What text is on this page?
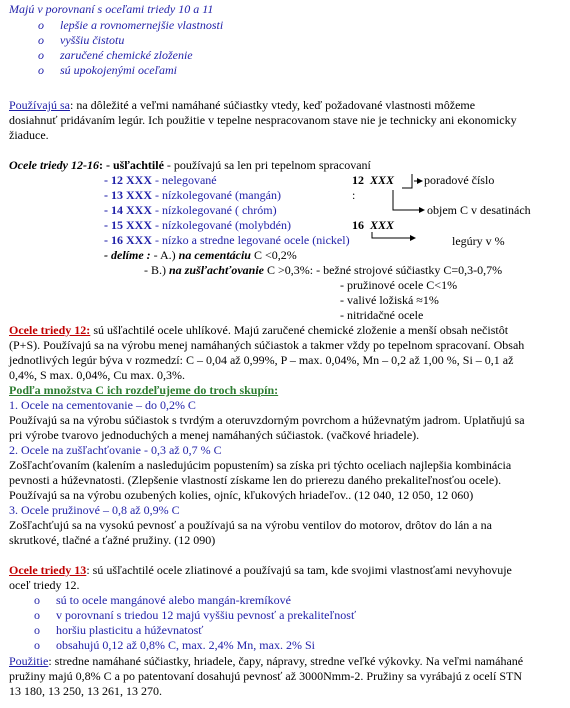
Majú v porovnaní s oceľami triedy 10 a 11
o lepšie a rovnomernejšie vlastnosti
o vyššiu čistotu
o zaručené chemické zloženie
o sú upokojenými oceľami
Používajú sa: na dôležité a veľmi namáhané súčiastky vtedy, keď požadované vlastnosti môžeme
dosiahnuť pridávaním legúr. Ich použitie v tepelne nespracovanom stave nie je technicky ani ekonomicky
žiaduce.
Ocele triedy 12-16: - ušľachtilé - používajú sa len pri tepelnom spracovaní
- 12 XXX - nelegované
- 13 XXX - nízkolegované (mangán)
- 14 XXX - nízkolegované ( chróm)
- 15 XXX - nízkolegované (molybdén)
- 16 XXX - nízko a stredne legované ocele (nickel)
- delíme : - A.) na cementáciu C <0,2%
- B.) na zušľachťovanie C >0,3%: - bežné strojové súčiastky C=0,3-0,7%
- pružinové ocele C<1%
- valivé ložiská ≈1%
- nitridačné ocele
12 XXX poradové číslo
:
objem C v desatinách
16 XXX
legúry v %
Ocele triedy 12: sú ušľachtilé ocele uhlíkové. Majú zaručené chemické zloženie a menší obsah nečistôt
(P+S). Používajú sa na výrobu menej namáhaných súčiastok a takmer vždy po tepelnom spracovaní. Obsah
jednotlivých legúr býva v rozmedzí: C – 0,04 až 0,99%, P – max. 0,04%, Mn – 0,2 až 1,00 %, Si – 0,1 až
0,4%, S max. 0,04%, Cu max. 0,3%.
Podľa množstva C ich rozdeľujeme do troch skupín:
1. Ocele na cementovanie – do 0,2% C
Používajú sa na výrobu súčiastok s tvrdým a oteruvzdorným povrchom a húževnatým jadrom. Uplatňujú sa
pri výrobe tvarovo jednoduchých a menej namáhaných súčiastok. (vačkové hriadele).
2. Ocele na zušľachťovanie - 0,3 až 0,7 % C
Zošľachťovaním (kalením a nasledujúcim popustením) sa získa pri týchto oceliach najlepšia kombinácia
pevnosti a húževnatosti. (Zlepšenie vlastností získame len do prierezu daného prekaliteľnosťou ocele).
Používajú sa na výrobu ozubených kolies, ojníc, kľukových hriadeľov.. (12 040, 12 050, 12 060)
3. Ocele pružinové – 0,8 až 0,9% C
Zošľachťujú sa na vysokú pevnosť a používajú sa na výrobu ventilov do motorov, drôtov do lán a na
skrutkové, tlačné a ťažné pružiny. (12 090)
Ocele triedy 13: sú ušľachtilé ocele zliatinové a používajú sa tam, kde svojimi vlastnosťami nevyhovuje
oceľ triedy 12.
o sú to ocele mangánové alebo mangán-kremíkové
o v porovnaní s triedou 12 majú vyššiu pevnosť a prekaliteľnosť
o horšiu plasticitu a húževnatosť
o obsahujú 0,12 až 0,8% C, max. 2,4% Mn, max. 2% Si
Použitie: stredne namáhané súčiastky, hriadele, čapy, nápravy, stredne veľké výkovky. Na veľmi namáhané
pružiny majú 0,8% C a po patentovaní dosahujú pevnosť až 3000Nmm-2. Pružiny sa vyrábajú z ocelí STN
13 180, 13 250, 13 261, 13 270.
